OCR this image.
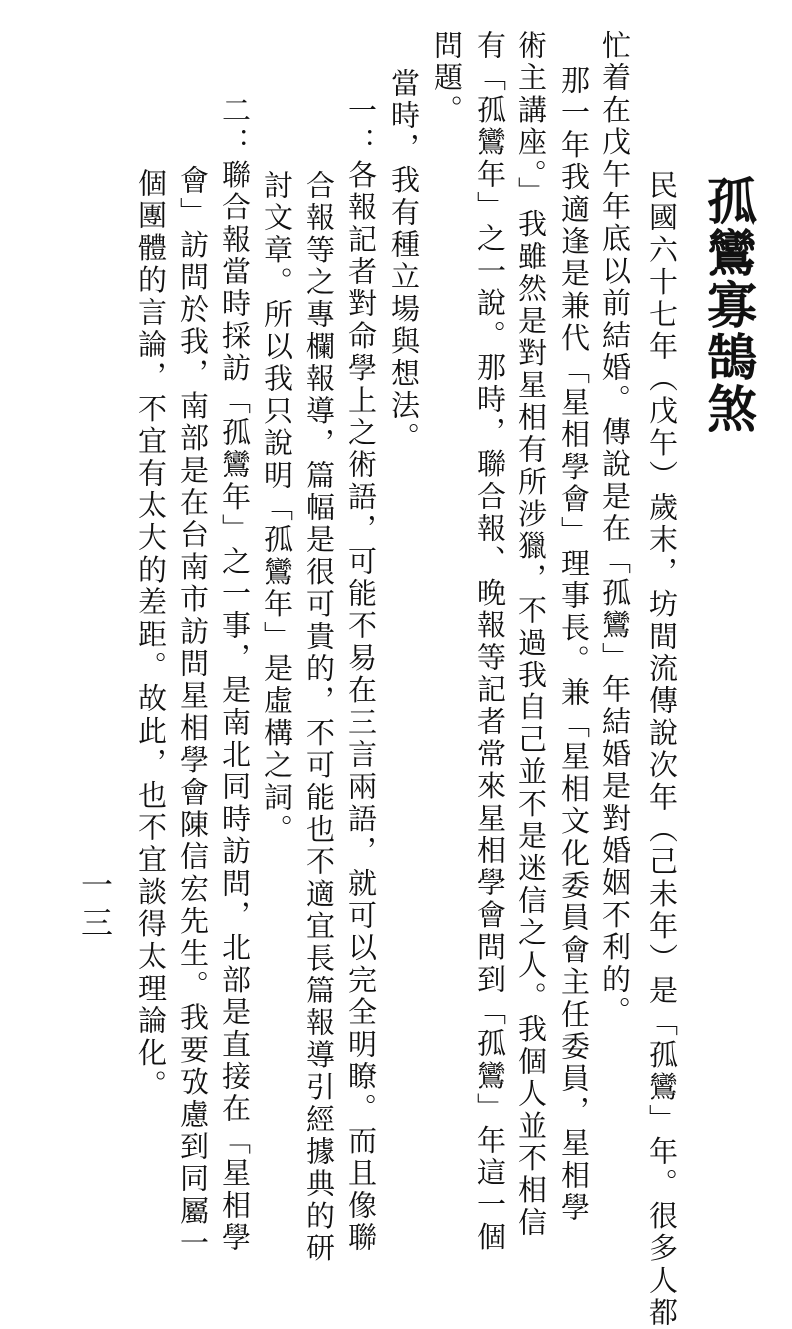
孤鸞寡鵠煞
民國六十七年（戊午）歲末，坊間流傳說次年（己未年）是「孤鸞」年。很多人都
忙着在戊午年底以前結婚。傳說是在「孤鸞」年結婚是對婚姻不利的。
那一年我適逢是兼代「星相學會」理事長。兼「星相文化委員會主任委員，星相學
術主講座。」我雖然是對星相有所涉獵，不過我自己並不是迷信之人。我個人並不相信
有「孤鸞年」之一說。那時，聯合報、晚報等記者常來星相學會問到「孤鸞」年這一個
問題。
當時，我有種立場與想法。
一：各報記者對命學上之術語，可能不易在三言兩語，就可以完全明瞭。而且像聯
合報等之專欄報導，篇幅是很可貴的，不可能也不適宜長篇報導引經據典的研
討文章。所以我只說明「孤鸞年」是虛構之詞。
二：聯合報當時採訪「孤鸞年」之一事，是南北同時訪問，北部是直接在「星相學
會」訪問於我，南部是在台南市訪問星相學會陳信宏先生。我要攷慮到同屬一
個團體的言論，不宜有太大的差距。故此，也不宜談得太理論化。
一三
